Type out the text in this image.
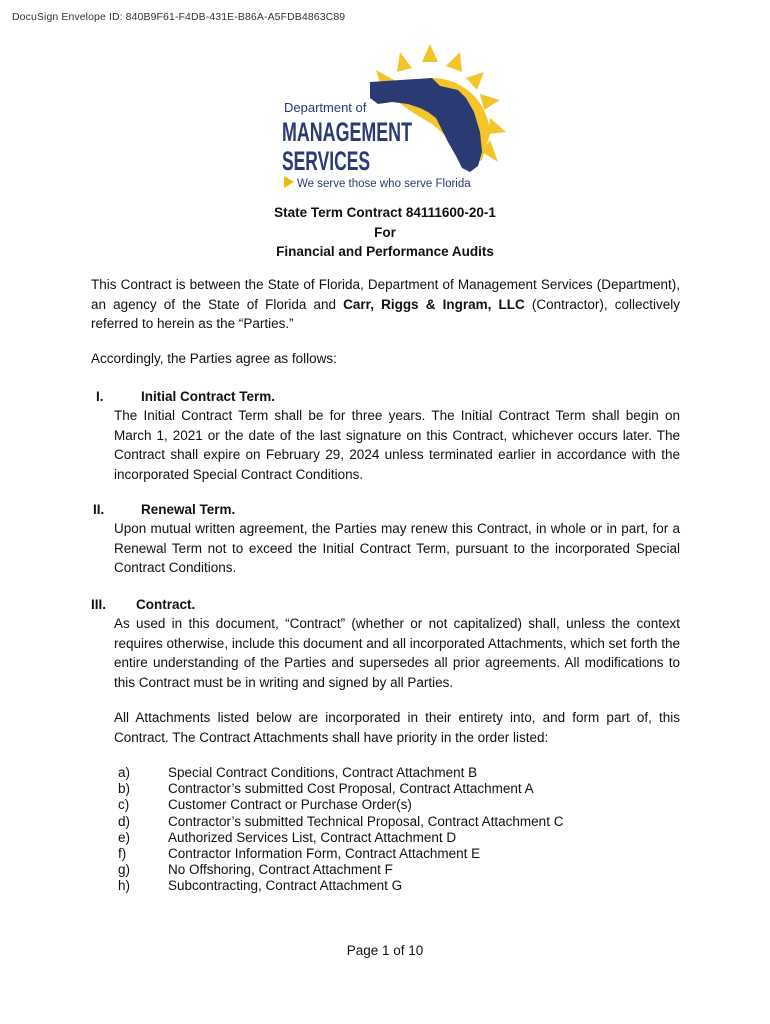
DocuSign Envelope ID: 840B9F61-F4DB-431E-B86A-A5FDB4863C89
Department of
MANAGEMENT
SERVICES
We serve those who serve Florida
State Term Contract 84111600-20-1
For
Financial and Performance Audits
This Contract is between the State of Florida, Department of Management Services (Department), an agency of the State of Florida and Carr, Riggs & Ingram, LLC (Contractor), collectively referred to herein as the “Parties.”
Accordingly, the Parties agree as follows:
I.	Initial Contract Term.
The Initial Contract Term shall be for three years. The Initial Contract Term shall begin on March 1, 2021 or the date of the last signature on this Contract, whichever occurs later. The Contract shall expire on February 29, 2024 unless terminated earlier in accordance with the incorporated Special Contract Conditions.
II.	Renewal Term.
Upon mutual written agreement, the Parties may renew this Contract, in whole or in part, for a Renewal Term not to exceed the Initial Contract Term, pursuant to the incorporated Special Contract Conditions.
III. Contract.
As used in this document, “Contract” (whether or not capitalized) shall, unless the context requires otherwise, include this document and all incorporated Attachments, which set forth the entire understanding of the Parties and supersedes all prior agreements. All modifications to this Contract must be in writing and signed by all Parties.
All Attachments listed below are incorporated in their entirety into, and form part of, this Contract. The Contract Attachments shall have priority in the order listed:
a)	Special Contract Conditions, Contract Attachment B
b)	Contractor’s submitted Cost Proposal, Contract Attachment A
c)	Customer Contract or Purchase Order(s)
d)	Contractor’s submitted Technical Proposal, Contract Attachment C
e)	Authorized Services List, Contract Attachment D
f)	Contractor Information Form, Contract Attachment E
g)	No Offshoring, Contract Attachment F
h)	Subcontracting, Contract Attachment G
Page 1 of 10
